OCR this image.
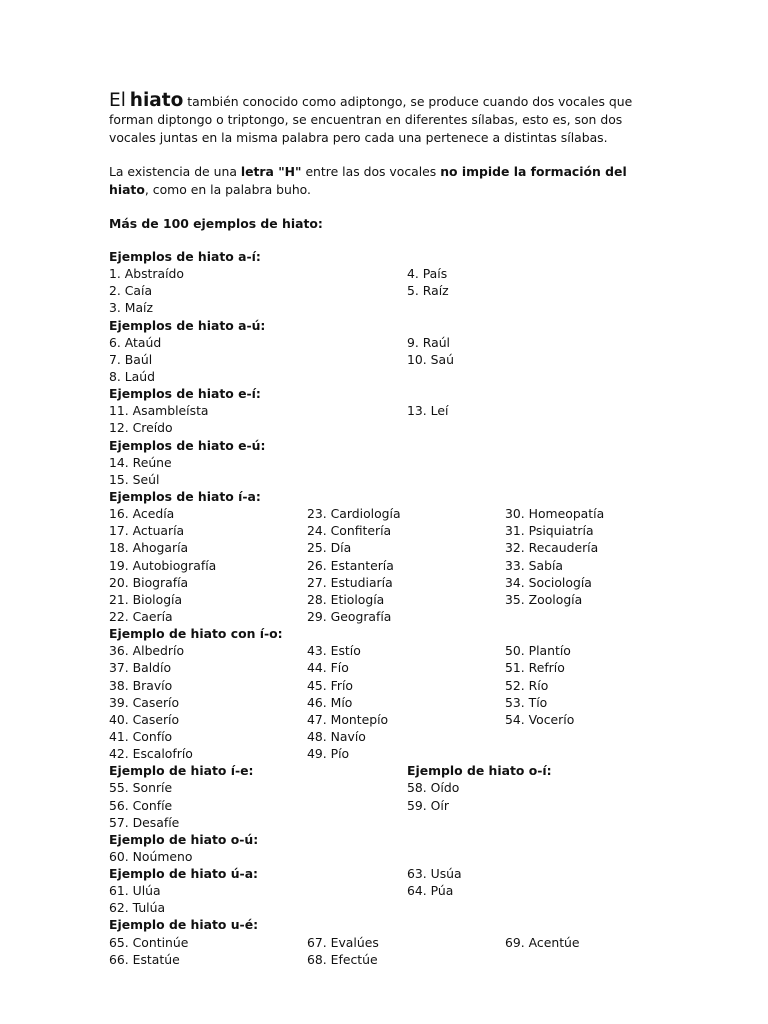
El hiato también conocido como adiptongo, se produce cuando dos vocales que
forman diptongo o triptongo, se encuentran en diferentes sílabas, esto es, son dos
vocales juntas en la misma palabra pero cada una pertenece a distintas sílabas.

La existencia de una letra "H" entre las dos vocales no impide la formación del
hiato, como en la palabra buho.

Más de 100 ejemplos de hiato:

Ejemplos de hiato a-í:
1. Abstraído	4. País
2. Caía	5. Raíz
3. Maíz
Ejemplos de hiato a-ú:
6. Ataúd	9. Raúl
7. Baúl	10. Saú
8. Laúd
Ejemplos de hiato e-í:
11. Asambleísta	13. Leí
12. Creído
Ejemplos de hiato e-ú:
14. Reúne
15. Seúl
Ejemplos de hiato í-a:
16. Acedía	23. Cardiología	30. Homeopatía
17. Actuaría	24. Confitería	31. Psiquiatría
18. Ahogaría	25. Día	32. Recaudería
19. Autobiografía	26. Estantería	33. Sabía
20. Biografía	27. Estudiaría	34. Sociología
21. Biología	28. Etiología	35. Zoología
22. Caería	29. Geografía
Ejemplo de hiato con í-o:
36. Albedrío	43. Estío	50. Plantío
37. Baldío	44. Fío	51. Refrío
38. Bravío	45. Frío	52. Río
39. Caserío	46. Mío	53. Tío
40. Caserío	47. Montepío	54. Vocerío
41. Confío	48. Navío
42. Escalofrío	49. Pío
Ejemplo de hiato í-e:	Ejemplo de hiato o-í:
55. Sonríe	58. Oído
56. Confíe	59. Oír
57. Desafíe
Ejemplo de hiato o-ú:
60. Noúmeno
Ejemplo de hiato ú-a:	63. Usúa
61. Ulúa	64. Púa
62. Tulúa
Ejemplo de hiato u-é:
65. Continúe	67. Evalúes	69. Acentúe
66. Estatúe	68. Efectúe
